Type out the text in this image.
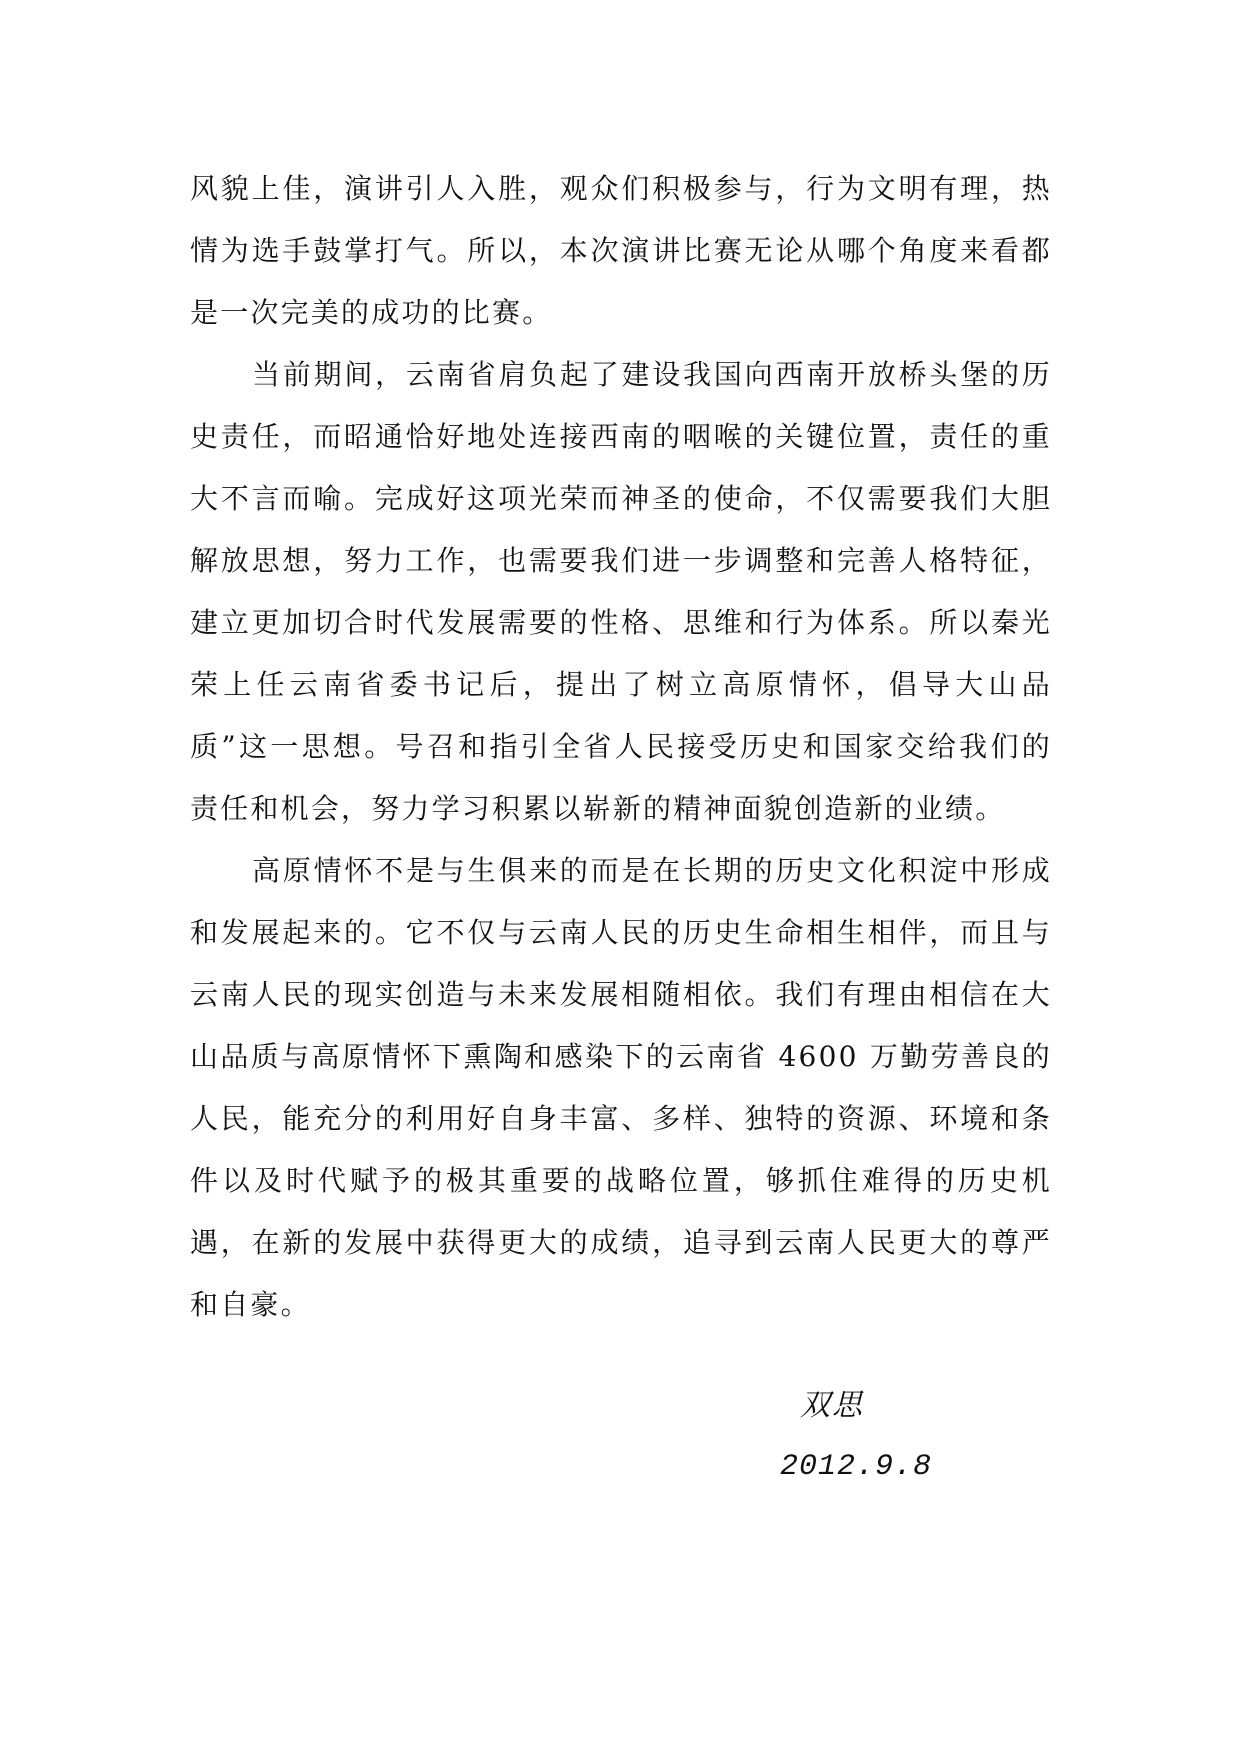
风貌上佳，演讲引人入胜，观众们积极参与，行为文明有理，热情为选手鼓掌打气。所以，本次演讲比赛无论从哪个角度来看都是一次完美的成功的比赛。

当前期间，云南省肩负起了建设我国向西南开放桥头堡的历史责任，而昭通恰好地处连接西南的咽喉的关键位置，责任的重大不言而喻。完成好这项光荣而神圣的使命，不仅需要我们大胆解放思想，努力工作，也需要我们进一步调整和完善人格特征，建立更加切合时代发展需要的性格、思维和行为体系。所以秦光荣上任云南省委书记后，提出了树立高原情怀，倡导大山品质”这一思想。号召和指引全省人民接受历史和国家交给我们的责任和机会，努力学习积累以崭新的精神面貌创造新的业绩。

高原情怀不是与生俱来的而是在长期的历史文化积淀中形成和发展起来的。它不仅与云南人民的历史生命相生相伴，而且与云南人民的现实创造与未来发展相随相依。我们有理由相信在大山品质与高原情怀下熏陶和感染下的云南省 4600 万勤劳善良的人民，能充分的利用好自身丰富、多样、独特的资源、环境和条件以及时代赋予的极其重要的战略位置，够抓住难得的历史机遇，在新的发展中获得更大的成绩，追寻到云南人民更大的尊严和自豪。

双思
2012.9.8
